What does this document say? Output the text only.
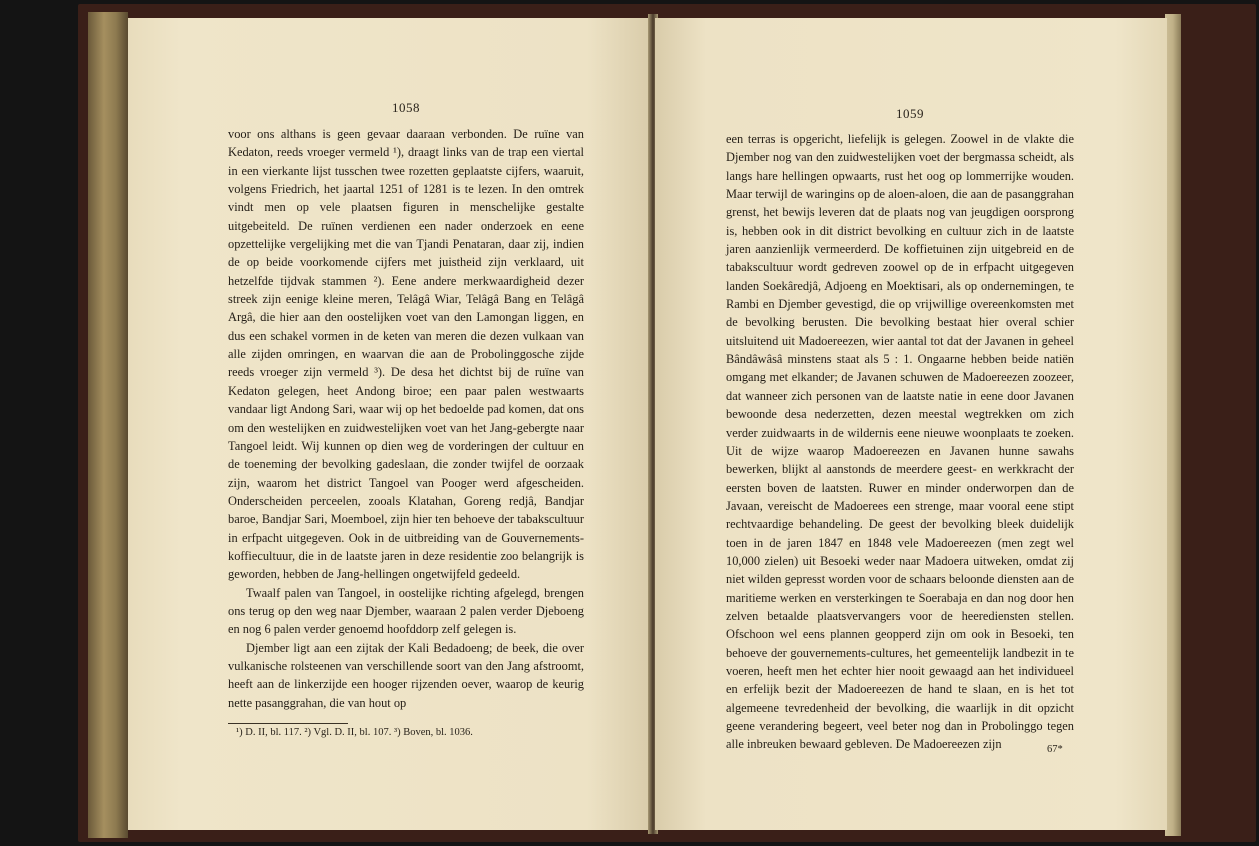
1058

voor ons althans is geen gevaar daaraan verbonden. De ruïne van Kedaton, reeds vroeger vermeld ¹), draagt links van de trap een viertal in een vierkante lijst tusschen twee rozetten geplaatste cijfers, waaruit, volgens Friedrich, het jaartal 1251 of 1281 is te lezen. In den omtrek vindt men op vele plaatsen figuren in menschelijke gestalte uitgebeiteld. De ruïnen verdienen een nader onderzoek en eene opzettelijke vergelijking met die van Tjandi Penataran, daar zij, indien de op beide voorkomende cijfers met juistheid zijn verklaard, uit hetzelfde tijdvak stammen ²). Eene andere merkwaardigheid dezer streek zijn eenige kleine meren, Telâgâ Wiar, Telâgâ Bang en Telâgâ Argâ, die hier aan den oostelijken voet van den Lamongan liggen, en dus een schakel vormen in de keten van meren die dezen vulkaan van alle zijden omringen, en waarvan die aan de Probolinggosche zijde reeds vroeger zijn vermeld ³). De desa het dichtst bij de ruïne van Kedaton gelegen, heet Andong biroe; een paar palen westwaarts vandaar ligt Andong Sari, waar wij op het bedoelde pad komen, dat ons om den westelijken en zuidwestelijken voet van het Jang-gebergte naar Tangoel leidt. Wij kunnen op dien weg de vorderingen der cultuur en de toeneming der bevolking gadeslaan, die zonder twijfel de oorzaak zijn, waarom het district Tangoel van Pooger werd afgescheiden. Onderscheiden perceelen, zooals Klatahan, Goreng redjâ, Bandjar baroe, Bandjar Sari, Moemboel, zijn hier ten behoeve der tabakscultuur in erfpacht uitgegeven. Ook in de uitbreiding van de Gouvernements-koffiecultuur, die in de laatste jaren in deze residentie zoo belangrijk is geworden, hebben de Jang-hellingen ongetwijfeld gedeeld.

Twaalf palen van Tangoel, in oostelijke richting afgelegd, brengen ons terug op den weg naar Djember, waaraan 2 palen verder Djeboeng en nog 6 palen verder genoemd hoofddorp zelf gelegen is.

Djember ligt aan een zijtak der Kali Bedadoeng; de beek, die over vulkanische rolsteenen van verschillende soort van den Jang afstroomt, heeft aan de linkerzijde een hooger rijzenden oever, waarop de keurig nette pasanggrahan, die van hout op

¹) D. II, bl. 117. ²) Vgl. D. II, bl. 107. ³) Boven, bl. 1036.
1059

een terras is opgericht, liefelijk is gelegen. Zoowel in de vlakte die Djember nog van den zuidwestelijken voet der bergmassa scheidt, als langs hare hellingen opwaarts, rust het oog op lommerrijke wouden. Maar terwijl de waringins op de aloen-aloen, die aan de pasanggrahan grenst, het bewijs leveren dat de plaats nog van jeugdigen oorsprong is, hebben ook in dit district bevolking en cultuur zich in de laatste jaren aanzienlijk vermeerderd. De koffietuinen zijn uitgebreid en de tabakscultuur wordt gedreven zoowel op de in erfpacht uitgegeven landen Soekâredjâ, Adjoeng en Moektisari, als op ondernemingen, te Rambi en Djember gevestigd, die op vrijwillige overeenkomsten met de bevolking berusten. Die bevolking bestaat hier overal schier uitsluitend uit Madoereezen, wier aantal tot dat der Javanen in geheel Bândâwâsâ minstens staat als 5 : 1. Ongaarne hebben beide natiën omgang met elkander; de Javanen schuwen de Madoereezen zoozeer, dat wanneer zich personen van de laatste natie in eene door Javanen bewoonde desa nederzetten, dezen meestal wegtrekken om zich verder zuidwaarts in de wildernis eene nieuwe woonplaats te zoeken. Uit de wijze waarop Madoereezen en Javanen hunne sawahs bewerken, blijkt al aanstonds de meerdere geest- en werkkracht der eersten boven de laatsten. Ruwer en minder onderworpen dan de Javaan, vereischt de Madoerees een strenge, maar vooral eene stipt rechtvaardige behandeling. De geest der bevolking bleek duidelijk toen in de jaren 1847 en 1848 vele Madoereezen (men zegt wel 10,000 zielen) uit Besoeki weder naar Madoera uitweken, omdat zij niet wilden gepresst worden voor de schaars beloonde diensten aan de maritieme werken en versterkingen te Soerabaja en dan nog door hen zelven betaalde plaatsvervangers voor de heerediensten stellen. Ofschoon wel eens plannen geopperd zijn om ook in Besoeki, ten behoeve der gouvernements-cultures, het gemeentelijk landbezit in te voeren, heeft men het echter hier nooit gewaagd aan het individueel en erfelijk bezit der Madoereezen de hand te slaan, en is het tot algemeene tevredenheid der bevolking, die waarlijk in dit opzicht geene verandering begeert, veel beter nog dan in Probolinggo tegen alle inbreuken bewaard gebleven. De Madoereezen zijn	67*
